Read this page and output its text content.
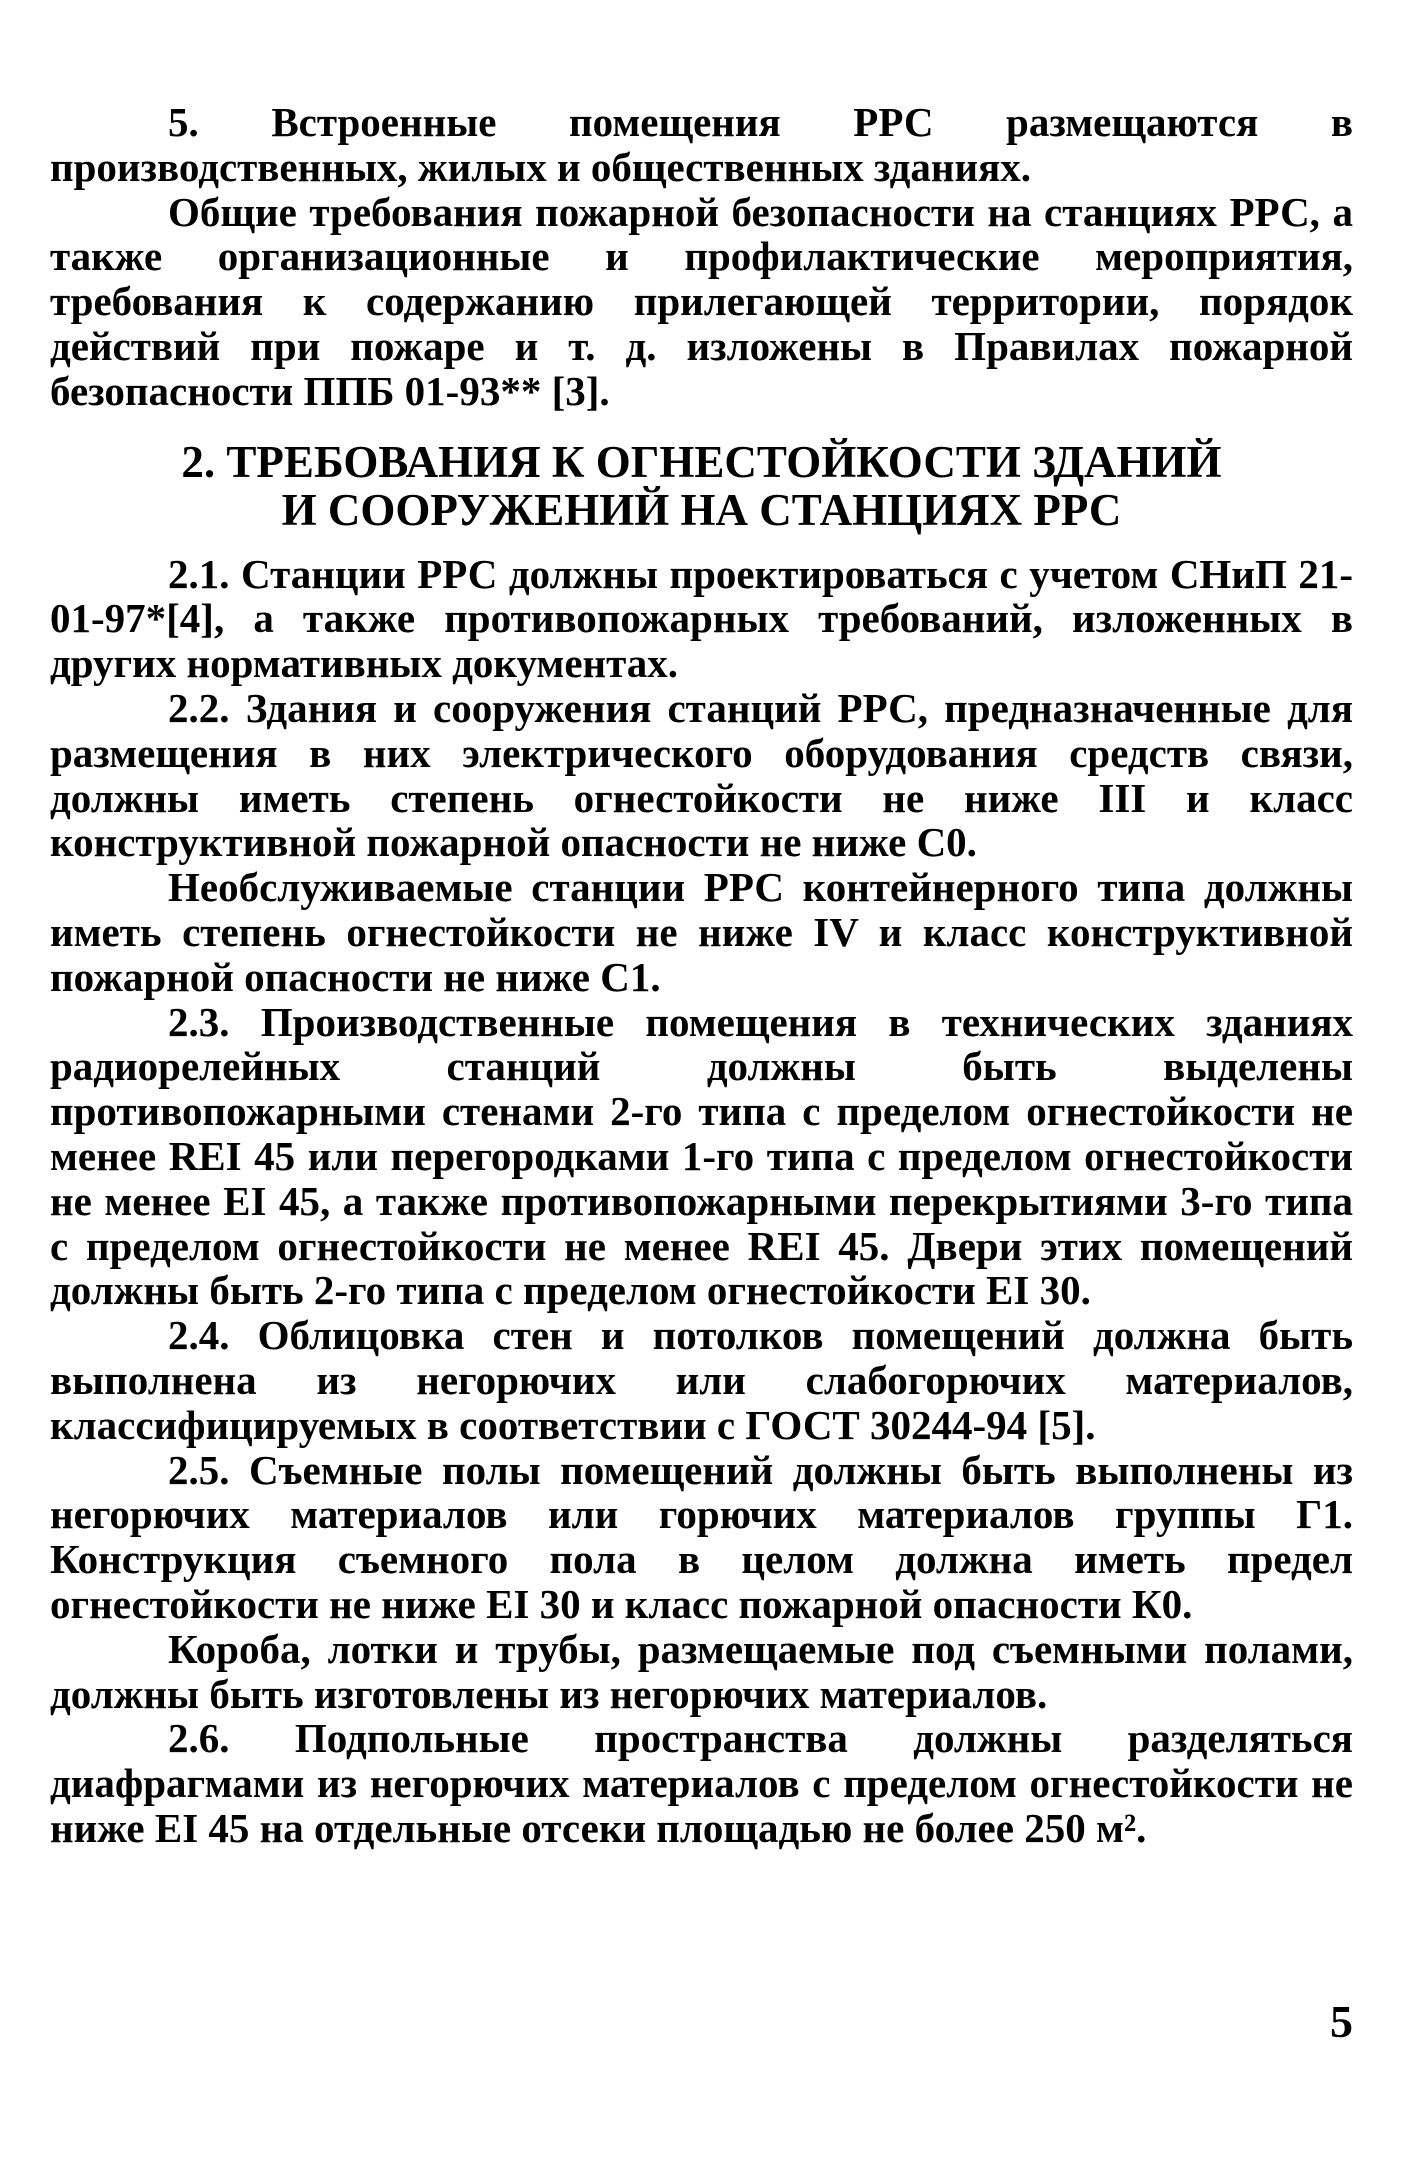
5. Встроенные помещения РРС размещаются в производственных, жилых и общественных зданиях.

Общие требования пожарной безопасности на станциях РРС, а также организационные и профилактические мероприятия, требования к содержанию прилегающей территории, порядок действий при пожаре и т. д. изложены в Правилах пожарной безопасности ППБ 01-93** [3].

2. ТРЕБОВАНИЯ К ОГНЕСТОЙКОСТИ ЗДАНИЙ
И СООРУЖЕНИЙ НА СТАНЦИЯХ РРС

2.1. Станции РРС должны проектироваться с учетом СНиП 21-01-97*[4], а также противопожарных требований, изложенных в других нормативных документах.

2.2. Здания и сооружения станций РРС, предназначенные для размещения в них электрического оборудования средств связи, должны иметь степень огнестойкости не ниже III и класс конструктивной пожарной опасности не ниже С0.

Необслуживаемые станции РРС контейнерного типа должны иметь степень огнестойкости не ниже IV и класс конструктивной пожарной опасности не ниже С1.

2.3. Производственные помещения в технических зданиях радиорелейных станций должны быть выделены противопожарными стенами 2-го типа с пределом огнестойкости не менее REI 45 или перегородками 1-го типа с пределом огнестойкости не менее EI 45, а также противопожарными перекрытиями 3-го типа с пределом огнестойкости не менее REI 45. Двери этих помещений должны быть 2-го типа с пределом огнестойкости EI 30.

2.4. Облицовка стен и потолков помещений должна быть выполнена из негорючих или слабогорючих материалов, классифицируемых в соответствии с ГОСТ 30244-94 [5].

2.5. Съемные полы помещений должны быть выполнены из негорючих материалов или горючих материалов группы Г1. Конструкция съемного пола в целом должна иметь предел огнестойкости не ниже EI 30 и класс пожарной опасности К0.

Короба, лотки и трубы, размещаемые под съемными полами, должны быть изготовлены из негорючих материалов.

2.6. Подпольные пространства должны разделяться диафрагмами из негорючих материалов с пределом огнестойкости не ниже EI 45 на отдельные отсеки площадью не более 250 м².

5
